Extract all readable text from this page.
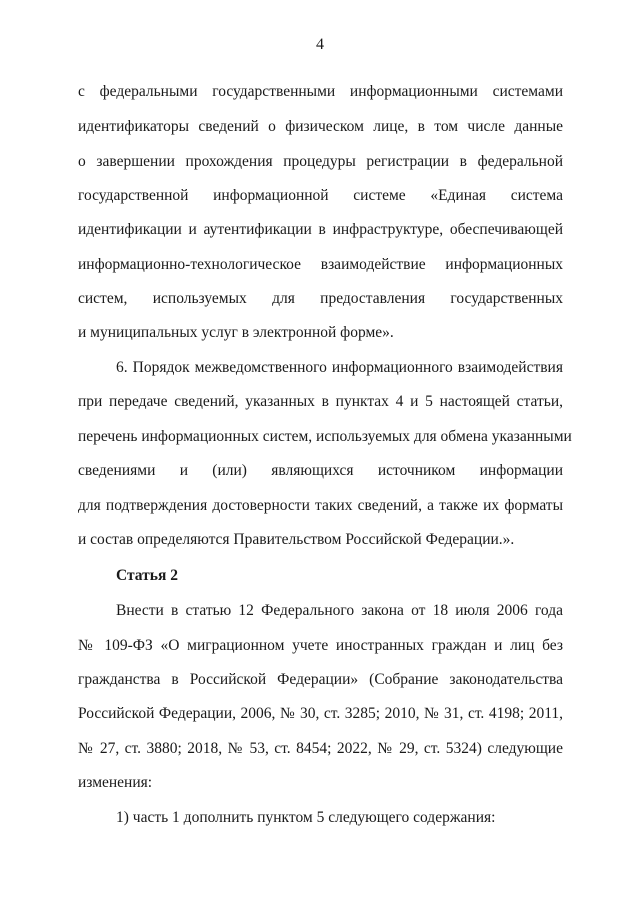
4
с федеральными государственными информационными системами
идентификаторы сведений о физическом лице, в том числе данные
о завершении прохождения процедуры регистрации в федеральной
государственной информационной системе «Единая система
идентификации и аутентификации в инфраструктуре, обеспечивающей
информационно-технологическое взаимодействие информационных
систем, используемых для предоставления государственных
и муниципальных услуг в электронной форме».
6. Порядок межведомственного информационного взаимодействия
при передаче сведений, указанных в пунктах 4 и 5 настоящей статьи,
перечень информационных систем, используемых для обмена указанными
сведениями и (или) являющихся источником информации
для подтверждения достоверности таких сведений, а также их форматы
и состав определяются Правительством Российской Федерации.».
Статья 2
Внести в статью 12 Федерального закона от 18 июля 2006 года
№ 109-ФЗ «О миграционном учете иностранных граждан и лиц без
гражданства в Российской Федерации» (Собрание законодательства
Российской Федерации, 2006, № 30, ст. 3285; 2010, № 31, ст. 4198; 2011,
№ 27, ст. 3880; 2018, № 53, ст. 8454; 2022, № 29, ст. 5324) следующие
изменения:
1) часть 1 дополнить пунктом 5 следующего содержания:
